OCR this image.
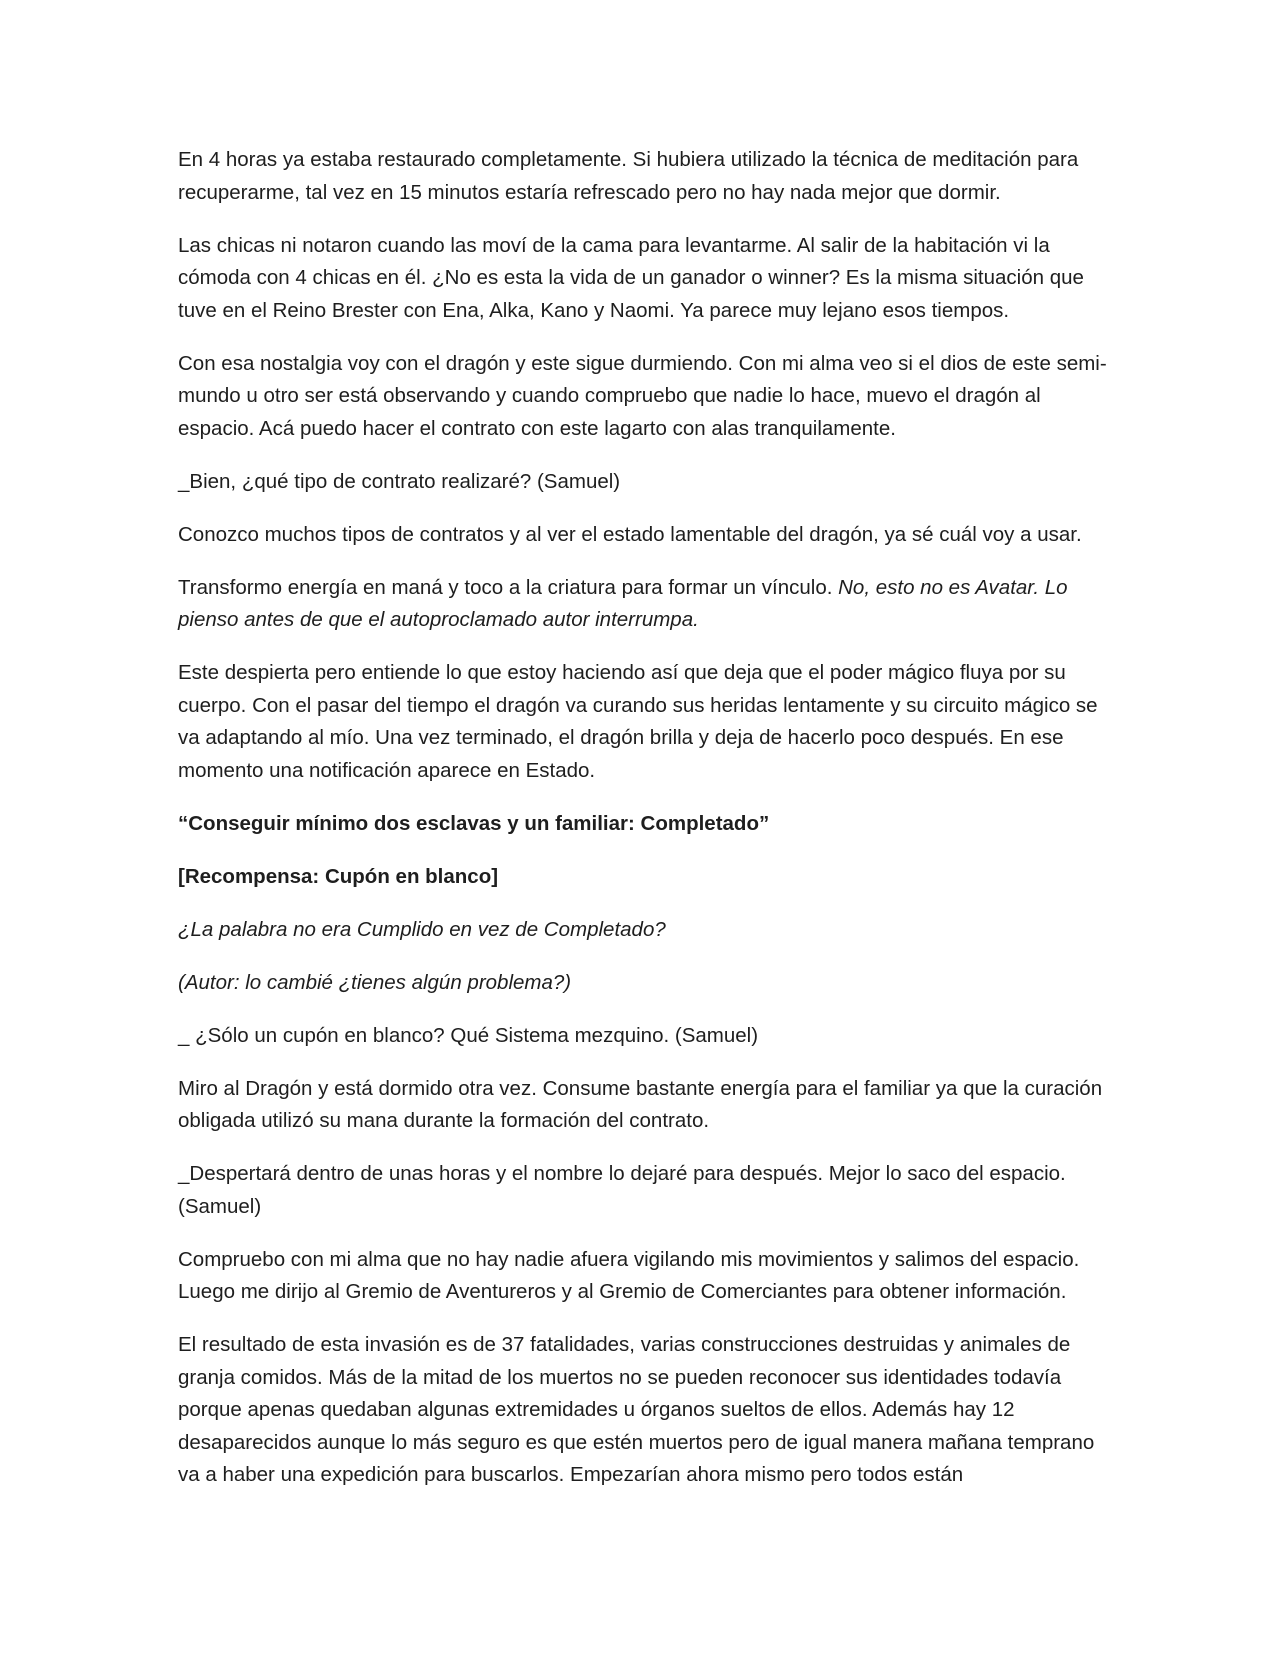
En 4 horas ya estaba restaurado completamente. Si hubiera utilizado la técnica de meditación para recuperarme, tal vez en 15 minutos estaría refrescado pero no hay nada mejor que dormir.

Las chicas ni notaron cuando las moví de la cama para levantarme. Al salir de la habitación vi la cómoda con 4 chicas en él. ¿No es esta la vida de un ganador o winner? Es la misma situación que tuve en el Reino Brester con Ena, Alka, Kano y Naomi. Ya parece muy lejano esos tiempos.

Con esa nostalgia voy con el dragón y este sigue durmiendo. Con mi alma veo si el dios de este semi-mundo u otro ser está observando y cuando compruebo que nadie lo hace, muevo el dragón al espacio. Acá puedo hacer el contrato con este lagarto con alas tranquilamente.

_Bien, ¿qué tipo de contrato realizaré? (Samuel)

Conozco muchos tipos de contratos y al ver el estado lamentable del dragón, ya sé cuál voy a usar.

Transformo energía en maná y toco a la criatura para formar un vínculo. No, esto no es Avatar. Lo pienso antes de que el autoproclamado autor interrumpa.

Este despierta pero entiende lo que estoy haciendo así que deja que el poder mágico fluya por su cuerpo. Con el pasar del tiempo el dragón va curando sus heridas lentamente y su circuito mágico se va adaptando al mío. Una vez terminado, el dragón brilla y deja de hacerlo poco después. En ese momento una notificación aparece en Estado.

“Conseguir mínimo dos esclavas y un familiar: Completado”

[Recompensa: Cupón en blanco]

¿La palabra no era Cumplido en vez de Completado?

(Autor: lo cambié ¿tienes algún problema?)

_ ¿Sólo un cupón en blanco? Qué Sistema mezquino. (Samuel)

Miro al Dragón y está dormido otra vez. Consume bastante energía para el familiar ya que la curación obligada utilizó su mana durante la formación del contrato.

_Despertará dentro de unas horas y el nombre lo dejaré para después. Mejor lo saco del espacio. (Samuel)

Compruebo con mi alma que no hay nadie afuera vigilando mis movimientos y salimos del espacio. Luego me dirijo al Gremio de Aventureros y al Gremio de Comerciantes para obtener información.

El resultado de esta invasión es de 37 fatalidades, varias construcciones destruidas y animales de granja comidos. Más de la mitad de los muertos no se pueden reconocer sus identidades todavía porque apenas quedaban algunas extremidades u órganos sueltos de ellos. Además hay 12 desaparecidos aunque lo más seguro es que estén muertos pero de igual manera mañana temprano va a haber una expedición para buscarlos. Empezarían ahora mismo pero todos están
